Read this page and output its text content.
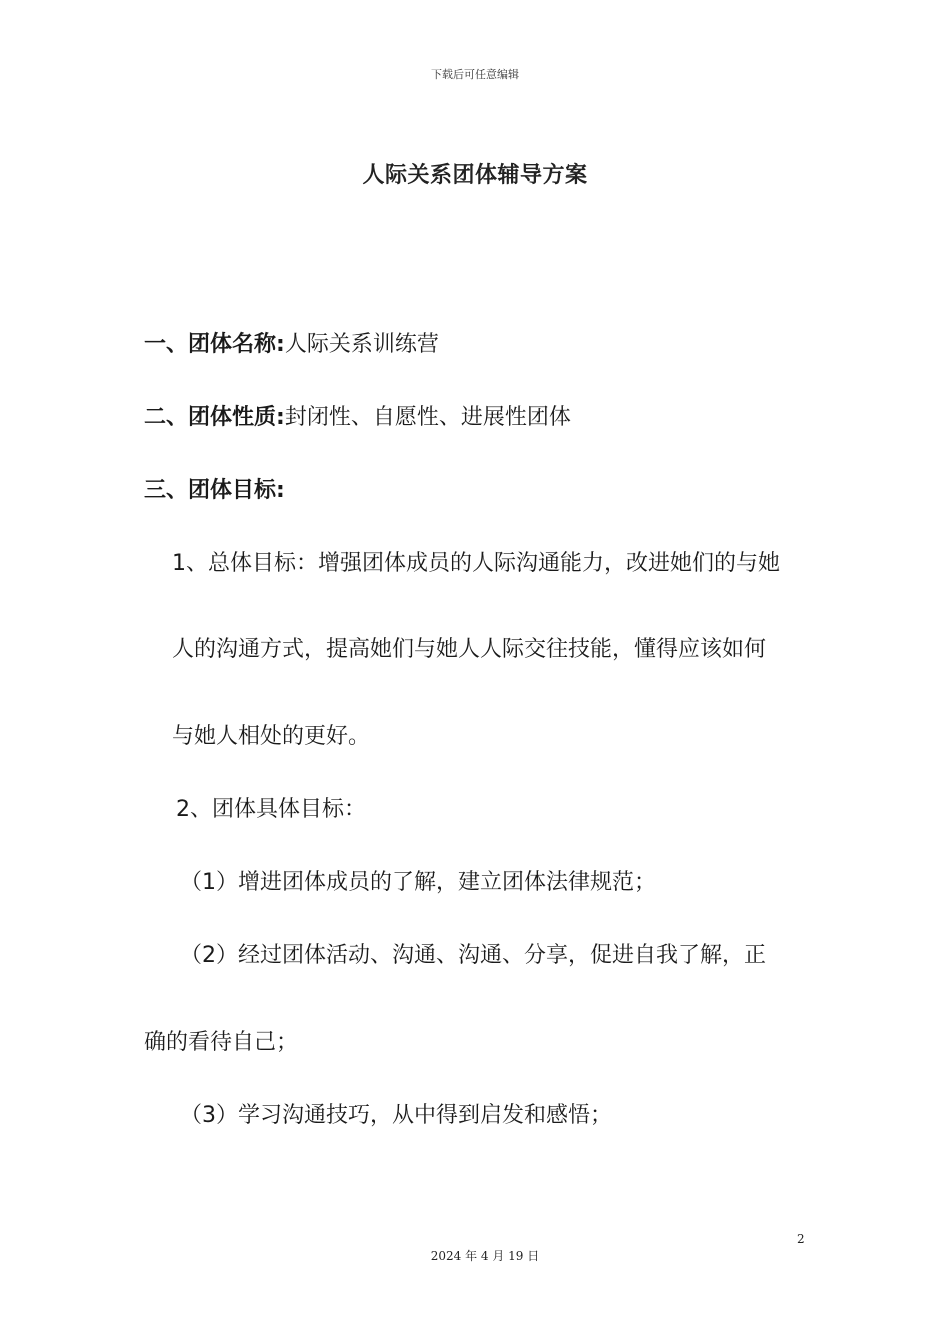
下载后可任意编辑
人际关系团体辅导方案
一、团体名称:人际关系训练营
二、团体性质:封闭性、自愿性、进展性团体
三、团体目标:
1、总体目标：增强团体成员的人际沟通能力，改进她们的与她
人的沟通方式，提高她们与她人人际交往技能，懂得应该如何
与她人相处的更好。
2、团体具体目标：
（1）增进团体成员的了解，建立团体法律规范；
（2）经过团体活动、沟通、沟通、分享，促进自我了解，正
确的看待自己；
（3）学习沟通技巧，从中得到启发和感悟；
2
2024 年 4 月 19 日
